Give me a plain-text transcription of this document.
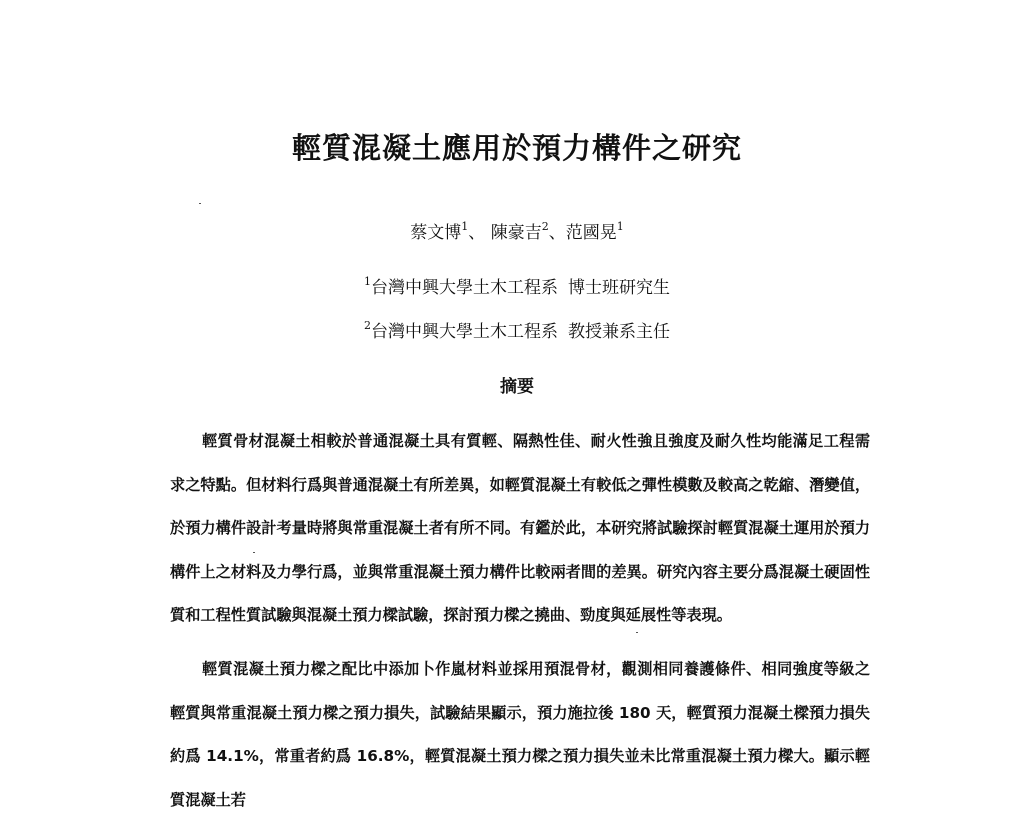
輕質混凝土應用於預力構件之研究
蔡文博$^1$、 陳豪吉$^2$、范國晃$^1$
$^1$台灣中興大學土木工程系 博士班研究生
$^2$台灣中興大學土木工程系 教授兼系主任
摘要

輕質骨材混凝土相較於普通混凝土具有質輕、隔熱性佳、耐火性強且強度及耐久性均能滿足工程需求之特點。但材料行爲與普通混凝土有所差異，如輕質混凝土有較低之彈性模數及較高之乾縮、潛變值，於預力構件設計考量時將與常重混凝土者有所不同。有鑑於此，本研究將試驗探討輕質混凝土運用於預力構件上之材料及力學行爲，並與常重混凝土預力構件比較兩者間的差異。研究內容主要分爲混凝土硬固性質和工程性質試驗與混凝土預力樑試驗，探討預力樑之撓曲、勁度與延展性等表現。

輕質混凝土預力樑之配比中添加卜作嵐材料並採用預混骨材，觀測相同養護條件、相同強度等級之輕質與常重混凝土預力樑之預力損失，試驗結果顯示，預力施拉後 180 天，輕質預力混凝土樑預力損失約爲 14.1%，常重者約爲 16.8%，輕質混凝土預力樑之預力損失並未比常重混凝土預力樑大。顯示輕質混凝土若
